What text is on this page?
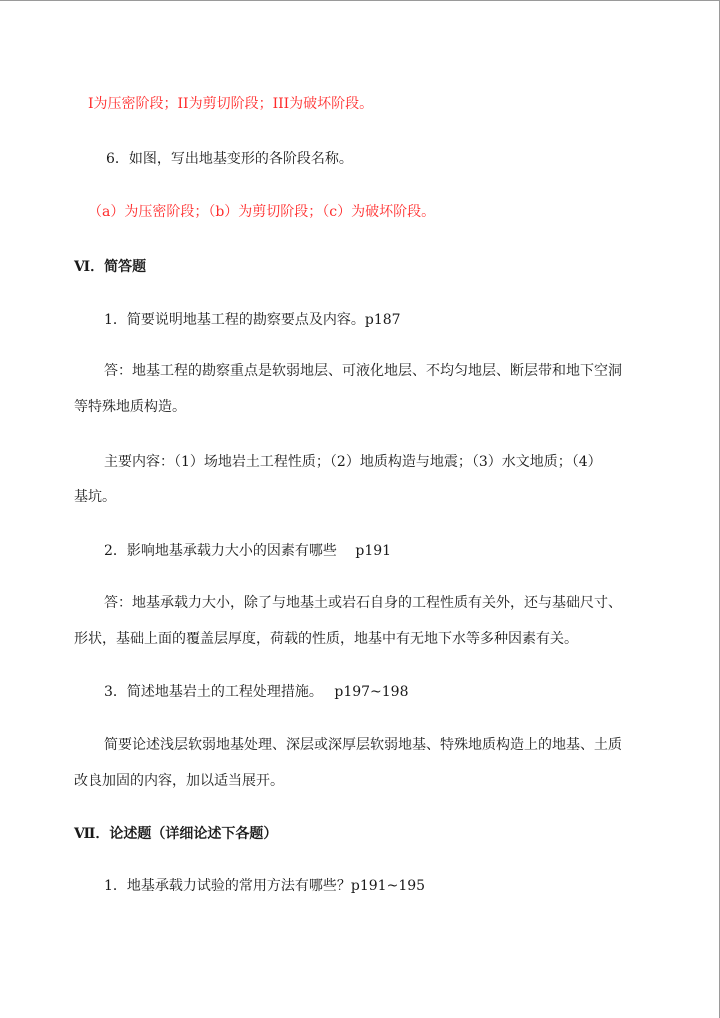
I为压密阶段；II为剪切阶段；III为破坏阶段。
6．如图，写出地基变形的各阶段名称。
（a）为压密阶段；（b）为剪切阶段；（c）为破坏阶段。
Ⅵ．简答题
1．简要说明地基工程的勘察要点及内容。p187
答：地基工程的勘察重点是软弱地层、可液化地层、不均匀地层、断层带和地下空洞
等特殊地质构造。
主要内容：（1）场地岩土工程性质；（2）地质构造与地震；（3）水文地质；（4）
基坑。
2．影响地基承载力大小的因素有哪些　 p191
答：地基承载力大小，除了与地基土或岩石自身的工程性质有关外，还与基础尺寸、
形状，基础上面的覆盖层厚度，荷载的性质，地基中有无地下水等多种因素有关。
3．简述地基岩土的工程处理措施。　 p197~198
简要论述浅层软弱地基处理、深层或深厚层软弱地基、特殊地质构造上的地基、土质
改良加固的内容，加以适当展开。
Ⅶ．论述题（详细论述下各题）
1．地基承载力试验的常用方法有哪些？p191~195
